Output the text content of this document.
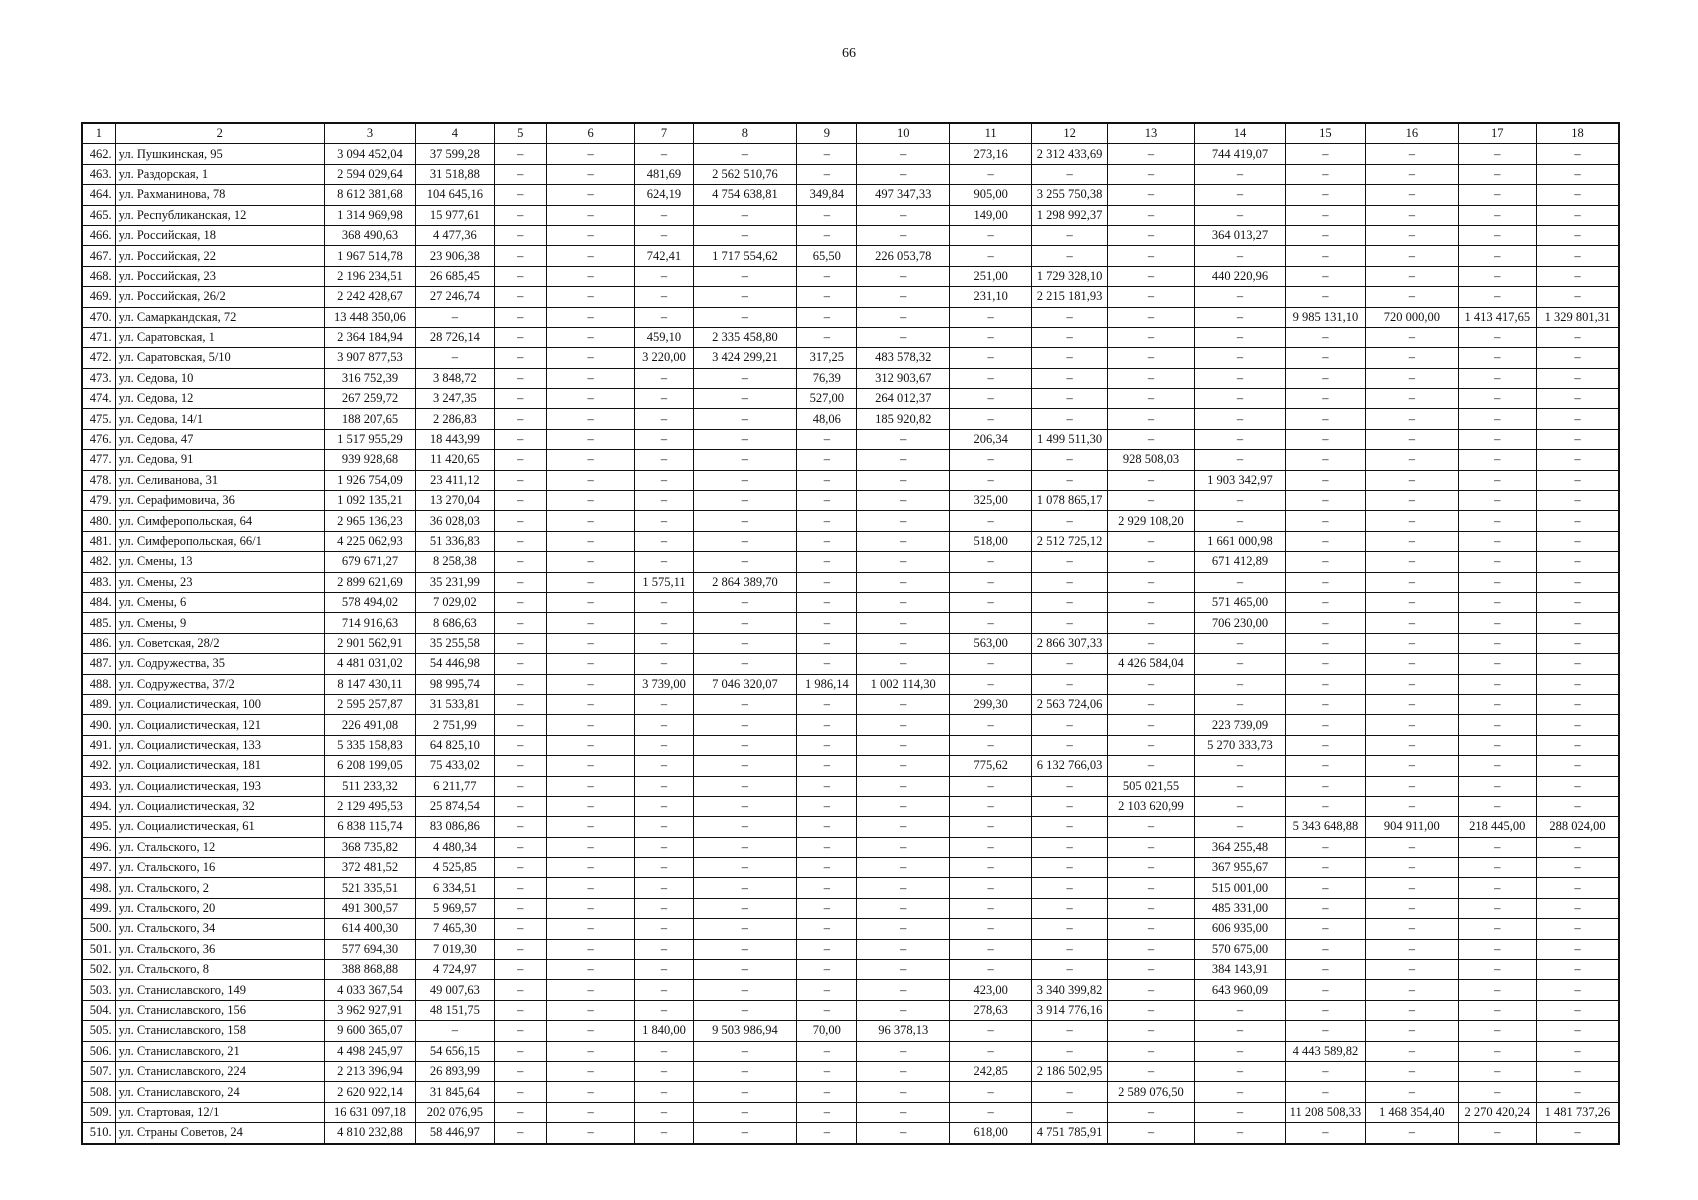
66
1	2	3	4	5	6	7	8	9	10	11	12	13	14	15	16	17	18
462.	ул. Пушкинская, 95	3 094 452,04	37 599,28	–	–	–	–	–	–	273,16	2 312 433,69	–	744 419,07	–	–	–	–
463.	ул. Раздорская, 1	2 594 029,64	31 518,88	–	–	481,69	2 562 510,76	–	–	–	–	–	–	–	–	–	–
464.	ул. Рахманинова, 78	8 612 381,68	104 645,16	–	–	624,19	4 754 638,81	349,84	497 347,33	905,00	3 255 750,38	–	–	–	–	–	–
465.	ул. Республиканская, 12	1 314 969,98	15 977,61	–	–	–	–	–	–	149,00	1 298 992,37	–	–	–	–	–	–
466.	ул. Российская, 18	368 490,63	4 477,36	–	–	–	–	–	–	–	–	–	364 013,27	–	–	–	–
467.	ул. Российская, 22	1 967 514,78	23 906,38	–	–	742,41	1 717 554,62	65,50	226 053,78	–	–	–	–	–	–	–	–
468.	ул. Российская, 23	2 196 234,51	26 685,45	–	–	–	–	–	–	251,00	1 729 328,10	–	440 220,96	–	–	–	–
469.	ул. Российская, 26/2	2 242 428,67	27 246,74	–	–	–	–	–	–	231,10	2 215 181,93	–	–	–	–	–	–
470.	ул. Самаркандская, 72	13 448 350,06	–	–	–	–	–	–	–	–	–	–	–	9 985 131,10	720 000,00	1 413 417,65	1 329 801,31
471.	ул. Саратовская, 1	2 364 184,94	28 726,14	–	–	459,10	2 335 458,80	–	–	–	–	–	–	–	–	–	–
472.	ул. Саратовская, 5/10	3 907 877,53	–	–	–	3 220,00	3 424 299,21	317,25	483 578,32	–	–	–	–	–	–	–	–
473.	ул. Седова, 10	316 752,39	3 848,72	–	–	–	–	76,39	312 903,67	–	–	–	–	–	–	–	–
474.	ул. Седова, 12	267 259,72	3 247,35	–	–	–	–	527,00	264 012,37	–	–	–	–	–	–	–	–
475.	ул. Седова, 14/1	188 207,65	2 286,83	–	–	–	–	48,06	185 920,82	–	–	–	–	–	–	–	–
476.	ул. Седова, 47	1 517 955,29	18 443,99	–	–	–	–	–	–	206,34	1 499 511,30	–	–	–	–	–	–
477.	ул. Седова, 91	939 928,68	11 420,65	–	–	–	–	–	–	–	–	928 508,03	–	–	–	–	–
478.	ул. Селиванова, 31	1 926 754,09	23 411,12	–	–	–	–	–	–	–	–	–	1 903 342,97	–	–	–	–
479.	ул. Серафимовича, 36	1 092 135,21	13 270,04	–	–	–	–	–	–	325,00	1 078 865,17	–	–	–	–	–	–
480.	ул. Симферопольская, 64	2 965 136,23	36 028,03	–	–	–	–	–	–	–	–	2 929 108,20	–	–	–	–	–
481.	ул. Симферопольская, 66/1	4 225 062,93	51 336,83	–	–	–	–	–	–	518,00	2 512 725,12	–	1 661 000,98	–	–	–	–
482.	ул. Смены, 13	679 671,27	8 258,38	–	–	–	–	–	–	–	–	–	671 412,89	–	–	–	–
483.	ул. Смены, 23	2 899 621,69	35 231,99	–	–	1 575,11	2 864 389,70	–	–	–	–	–	–	–	–	–	–
484.	ул. Смены, 6	578 494,02	7 029,02	–	–	–	–	–	–	–	–	–	571 465,00	–	–	–	–
485.	ул. Смены, 9	714 916,63	8 686,63	–	–	–	–	–	–	–	–	–	706 230,00	–	–	–	–
486.	ул. Советская, 28/2	2 901 562,91	35 255,58	–	–	–	–	–	–	563,00	2 866 307,33	–	–	–	–	–	–
487.	ул. Содружества, 35	4 481 031,02	54 446,98	–	–	–	–	–	–	–	–	4 426 584,04	–	–	–	–	–
488.	ул. Содружества, 37/2	8 147 430,11	98 995,74	–	–	3 739,00	7 046 320,07	1 986,14	1 002 114,30	–	–	–	–	–	–	–	–
489.	ул. Социалистическая, 100	2 595 257,87	31 533,81	–	–	–	–	–	–	299,30	2 563 724,06	–	–	–	–	–	–
490.	ул. Социалистическая, 121	226 491,08	2 751,99	–	–	–	–	–	–	–	–	–	223 739,09	–	–	–	–
491.	ул. Социалистическая, 133	5 335 158,83	64 825,10	–	–	–	–	–	–	–	–	–	5 270 333,73	–	–	–	–
492.	ул. Социалистическая, 181	6 208 199,05	75 433,02	–	–	–	–	–	–	775,62	6 132 766,03	–	–	–	–	–	–
493.	ул. Социалистическая, 193	511 233,32	6 211,77	–	–	–	–	–	–	–	–	505 021,55	–	–	–	–	–
494.	ул. Социалистическая, 32	2 129 495,53	25 874,54	–	–	–	–	–	–	–	–	2 103 620,99	–	–	–	–	–
495.	ул. Социалистическая, 61	6 838 115,74	83 086,86	–	–	–	–	–	–	–	–	–	–	5 343 648,88	904 911,00	218 445,00	288 024,00
496.	ул. Стальского, 12	368 735,82	4 480,34	–	–	–	–	–	–	–	–	–	364 255,48	–	–	–	–
497.	ул. Стальского, 16	372 481,52	4 525,85	–	–	–	–	–	–	–	–	–	367 955,67	–	–	–	–
498.	ул. Стальского, 2	521 335,51	6 334,51	–	–	–	–	–	–	–	–	–	515 001,00	–	–	–	–
499.	ул. Стальского, 20	491 300,57	5 969,57	–	–	–	–	–	–	–	–	–	485 331,00	–	–	–	–
500.	ул. Стальского, 34	614 400,30	7 465,30	–	–	–	–	–	–	–	–	–	606 935,00	–	–	–	–
501.	ул. Стальского, 36	577 694,30	7 019,30	–	–	–	–	–	–	–	–	–	570 675,00	–	–	–	–
502.	ул. Стальского, 8	388 868,88	4 724,97	–	–	–	–	–	–	–	–	–	384 143,91	–	–	–	–
503.	ул. Станиславского, 149	4 033 367,54	49 007,63	–	–	–	–	–	–	423,00	3 340 399,82	–	643 960,09	–	–	–	–
504.	ул. Станиславского, 156	3 962 927,91	48 151,75	–	–	–	–	–	–	278,63	3 914 776,16	–	–	–	–	–	–
505.	ул. Станиславского, 158	9 600 365,07	–	–	–	1 840,00	9 503 986,94	70,00	96 378,13	–	–	–	–	–	–	–	–
506.	ул. Станиславского, 21	4 498 245,97	54 656,15	–	–	–	–	–	–	–	–	–	–	4 443 589,82	–	–	–
507.	ул. Станиславского, 224	2 213 396,94	26 893,99	–	–	–	–	–	–	242,85	2 186 502,95	–	–	–	–	–	–
508.	ул. Станиславского, 24	2 620 922,14	31 845,64	–	–	–	–	–	–	–	–	2 589 076,50	–	–	–	–	–
509.	ул. Стартовая, 12/1	16 631 097,18	202 076,95	–	–	–	–	–	–	–	–	–	–	11 208 508,33	1 468 354,40	2 270 420,24	1 481 737,26
510.	ул. Страны Советов, 24	4 810 232,88	58 446,97	–	–	–	–	–	–	618,00	4 751 785,91	–	–	–	–	–	–
